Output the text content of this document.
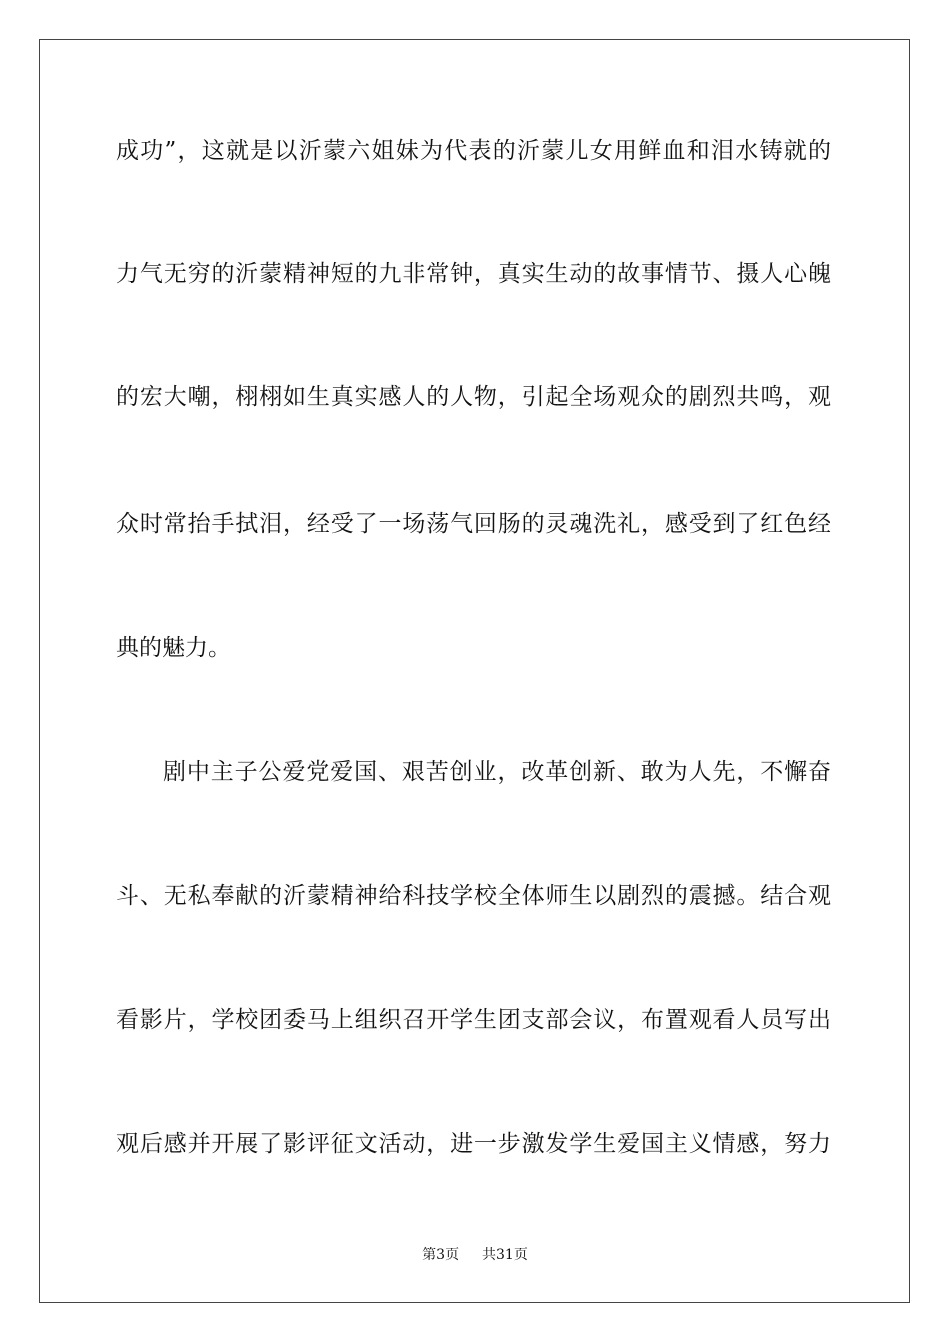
成功”，这就是以沂蒙六姐妹为代表的沂蒙儿女用鲜血和泪水铸就的
力气无穷的沂蒙精神短的九非常钟，真实生动的故事情节、摄人心魄
的宏大嘲，栩栩如生真实感人的人物，引起全场观众的剧烈共鸣，观
众时常抬手拭泪，经受了一场荡气回肠的灵魂洗礼，感受到了红色经
典的魅力。
剧中主子公爱党爱国、艰苦创业，改革创新、敢为人先，不懈奋
斗、无私奉献的沂蒙精神给科技学校全体师生以剧烈的震撼。结合观
看影片，学校团委马上组织召开学生团支部会议，布置观看人员写出
观后感并开展了影评征文活动，进一步激发学生爱国主义情感，努力
第3页 共31页
